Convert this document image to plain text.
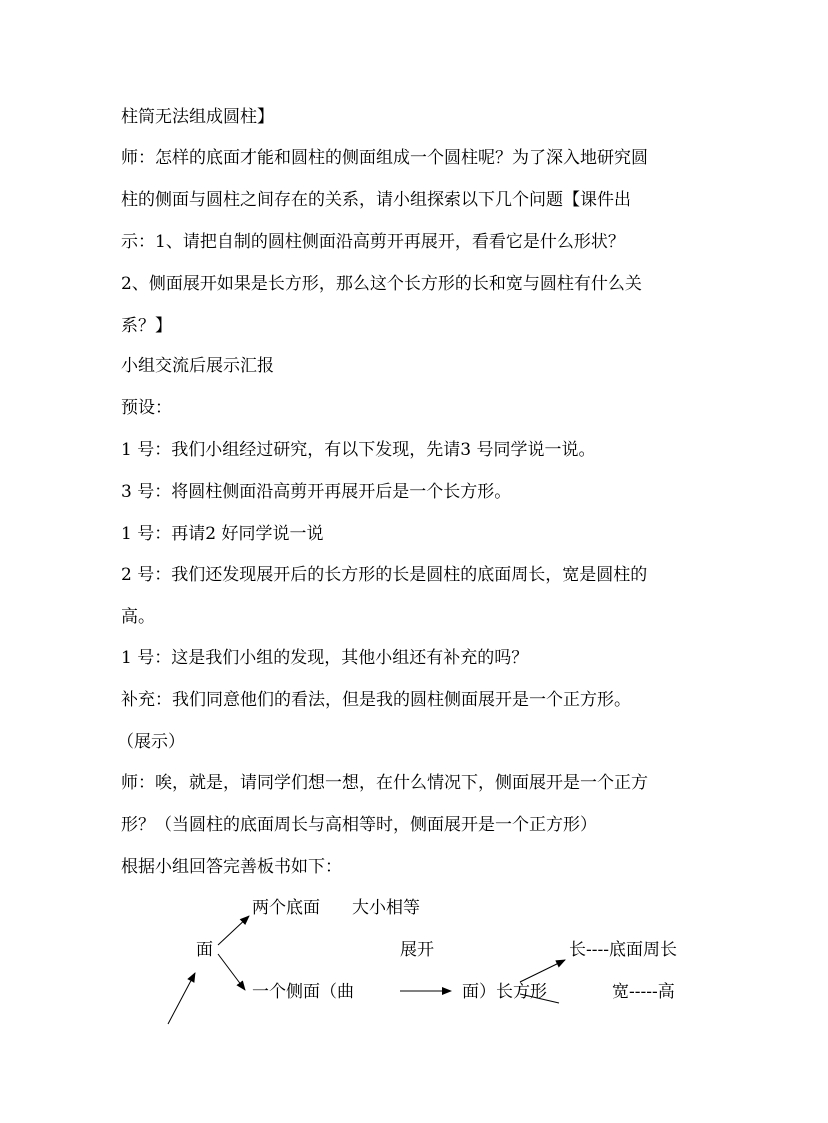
柱筒无法组成圆柱】
师：怎样的底面才能和圆柱的侧面组成一个圆柱呢？为了深入地研究圆
柱的侧面与圆柱之间存在的关系，请小组探索以下几个问题【课件出
示：1、请把自制的圆柱侧面沿高剪开再展开，看看它是什么形状？
2、侧面展开如果是长方形，那么这个长方形的长和宽与圆柱有什么关
系？】
小组交流后展示汇报
预设：
1 号：我们小组经过研究，有以下发现，先请3 号同学说一说。
3 号：将圆柱侧面沿高剪开再展开后是一个长方形。
1 号：再请2 好同学说一说
2 号：我们还发现展开后的长方形的长是圆柱的底面周长，宽是圆柱的
高。
1 号：这是我们小组的发现，其他小组还有补充的吗？
补充：我们同意他们的看法，但是我的圆柱侧面展开是一个正方形。
（展示）
师：唉，就是，请同学们想一想，在什么情况下，侧面展开是一个正方
形？（当圆柱的底面周长与高相等时，侧面展开是一个正方形）
根据小组回答完善板书如下：
两个底面 大小相等
面	展开	长----底面周长
一个侧面（曲	面）长方形	宽-----高
